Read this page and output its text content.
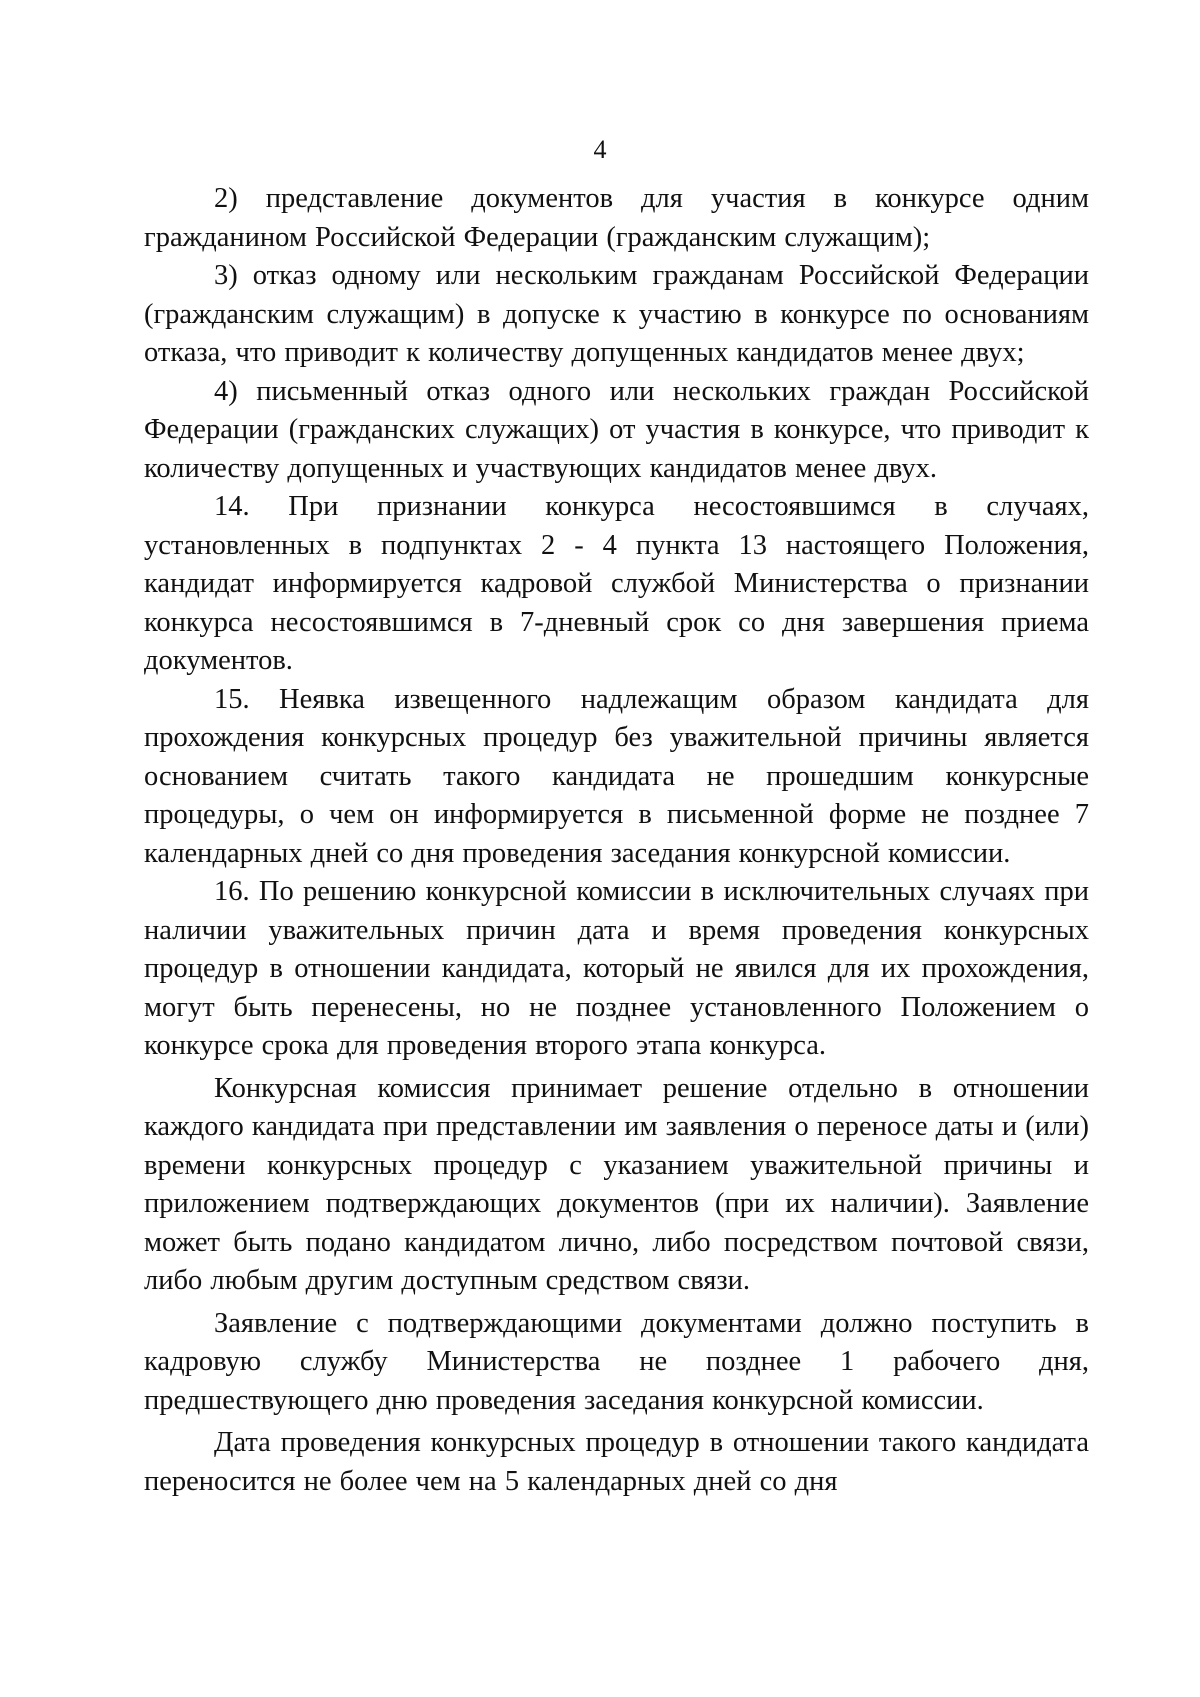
4

2) представление документов для участия в конкурсе одним гражданином Российской Федерации (гражданским служащим);

3) отказ одному или нескольким гражданам Российской Федерации (гражданским служащим) в допуске к участию в конкурсе по основаниям отказа, что приводит к количеству допущенных кандидатов менее двух;

4) письменный отказ одного или нескольких граждан Российской Федерации (гражданских служащих) от участия в конкурсе, что приводит к количеству допущенных и участвующих кандидатов менее двух.

14. При признании конкурса несостоявшимся в случаях, установленных в подпунктах 2 - 4 пункта 13 настоящего Положения, кандидат информируется кадровой службой Министерства о признании конкурса несостоявшимся в 7-дневный срок со дня завершения приема документов.

15. Неявка извещенного надлежащим образом кандидата для прохождения конкурсных процедур без уважительной причины является основанием считать такого кандидата не прошедшим конкурсные процедуры, о чем он информируется в письменной форме не позднее 7 календарных дней со дня проведения заседания конкурсной комиссии.

16. По решению конкурсной комиссии в исключительных случаях при наличии уважительных причин дата и время проведения конкурсных процедур в отношении кандидата, который не явился для их прохождения, могут быть перенесены, но не позднее установленного Положением о конкурсе срока для проведения второго этапа конкурса.

Конкурсная комиссия принимает решение отдельно в отношении каждого кандидата при представлении им заявления о переносе даты и (или) времени конкурсных процедур с указанием уважительной причины и приложением подтверждающих документов (при их наличии). Заявление может быть подано кандидатом лично, либо посредством почтовой связи, либо любым другим доступным средством связи.

Заявление с подтверждающими документами должно поступить в кадровую службу Министерства не позднее 1 рабочего дня, предшествующего дню проведения заседания конкурсной комиссии.

Дата проведения конкурсных процедур в отношении такого кандидата переносится не более чем на 5 календарных дней со дня
